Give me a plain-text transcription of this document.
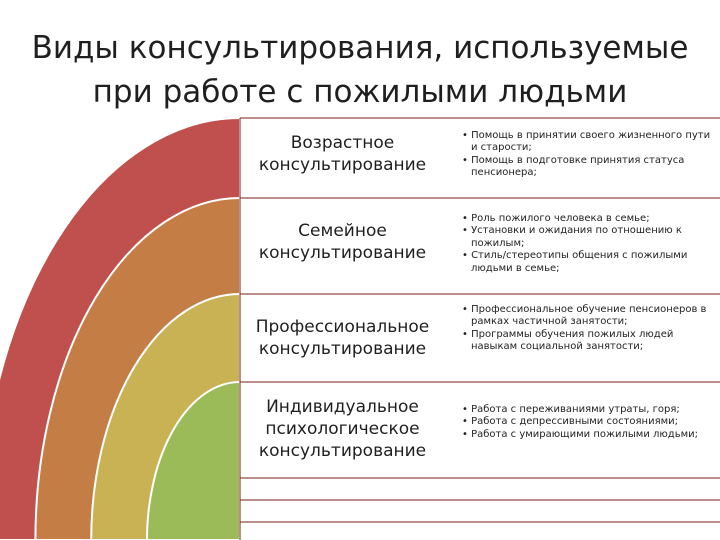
Виды консультирования, используемые
при работе с пожилыми людьми
Возрастное
консультирование
• Помощь в принятии своего жизненного пути и старости;
• Помощь в подготовке принятия статуса пенсионера;
Семейное
консультирование
• Роль пожилого человека в семье;
• Установки и ожидания по отношению к пожилым;
• Стиль/стереотипы общения с пожилыми людьми в семье;
Профессиональное
консультирование
• Профессиональное обучение пенсионеров в рамках частичной занятости;
• Программы обучения пожилых людей навыкам социальной занятости;
Индивидуальное
психологическое
консультирование
• Работа с переживаниями утраты, горя;
• Работа с депрессивными состояниями;
• Работа с умирающими пожилыми людьми;
